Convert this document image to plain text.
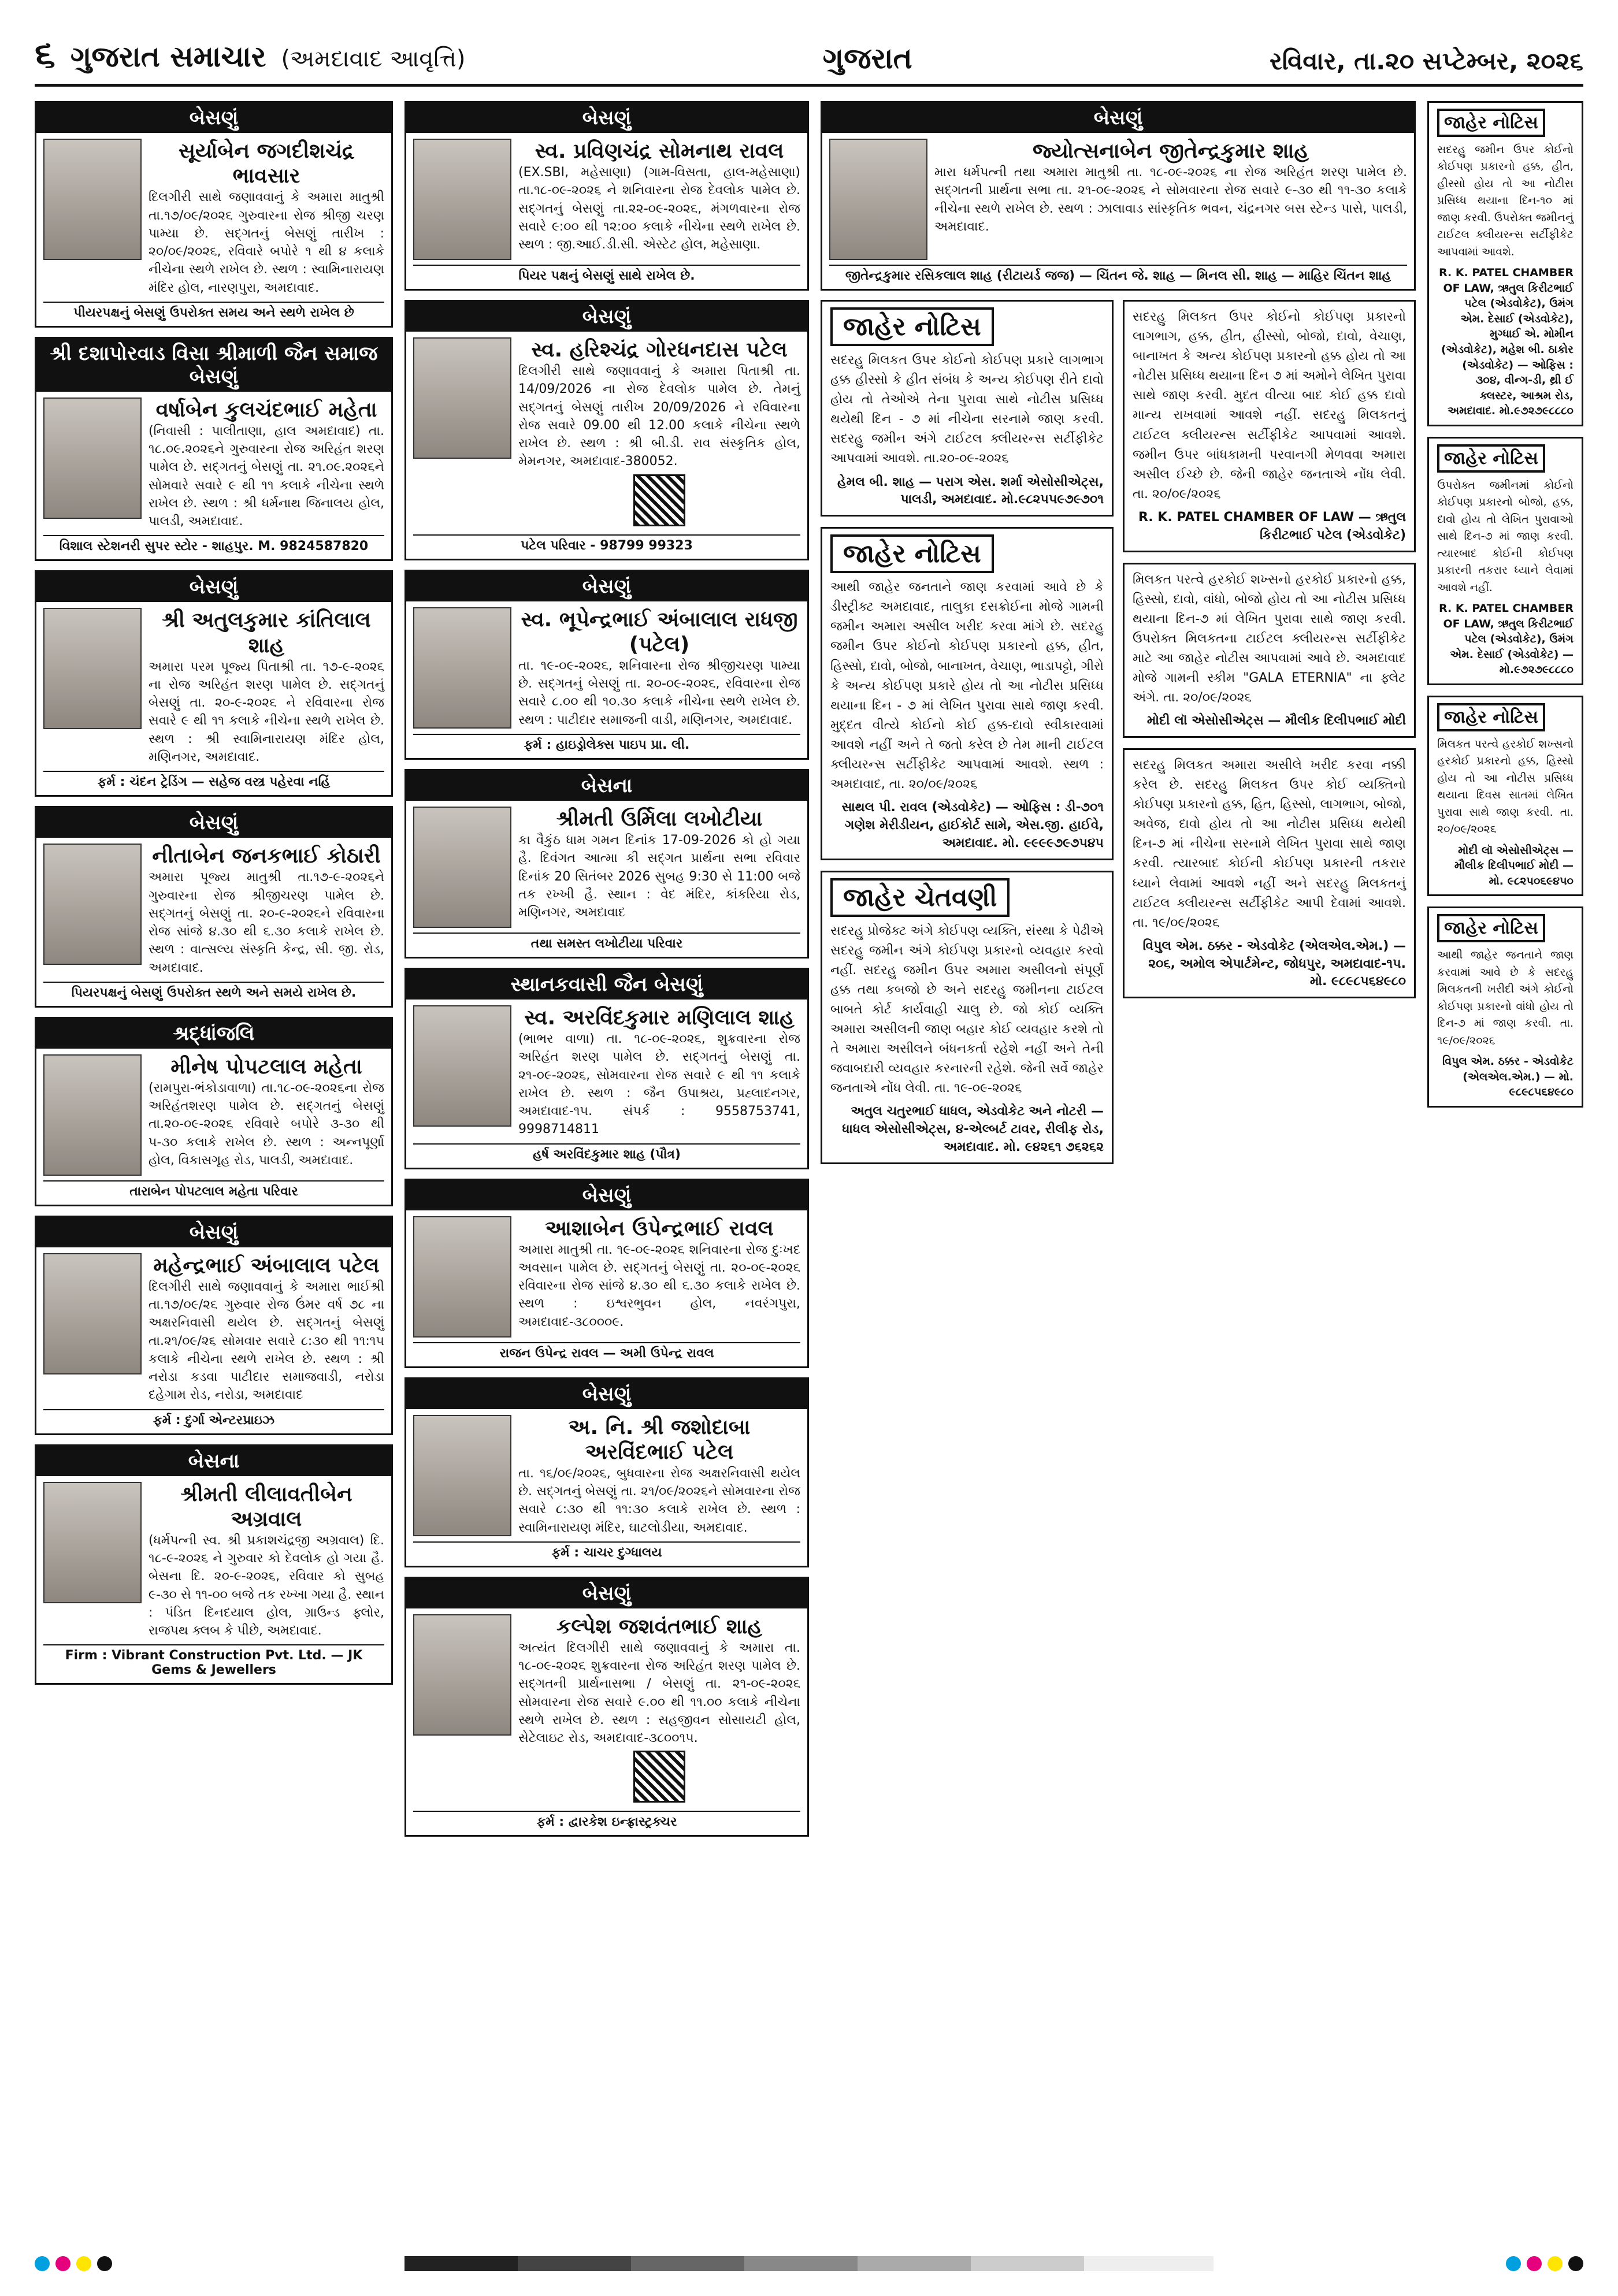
૬ ગુજરાત સમાચાર (અમદાવાદ આવૃત્તિ)	ગુજરાત	રવિવાર, તા.૨૦ સપ્ટેમ્બર, ૨૦૨૬
બેસણું
સૂર્યાબેન જગદીશચંદ્ર ભાવસાર
દિલગીરી સાથે જણાવવાનું કે અમારા માતુશ્રી તા.૧૭/૦૯/૨૦૨૬ ગુરુવારના રોજ શ્રીજી ચરણ પામ્યા છે. સદ્‌ગતનું બેસણું તારીખ : ૨૦/૦૯/૨૦૨૬, રવિવારે બપોરે ૧ થી ૪ કલાકે નીચેના સ્થળે રાખેલ છે. સ્થળ : સ્વામિનારાયણ મંદિર હોલ, નારણપુરા, અમદાવાદ.
પીયરપક્ષનું બેસણું ઉપરોક્ત સમય અને સ્થળે રાખેલ છે
શ્રી દશાપોરવાડ વિસા શ્રીમાળી જૈન સમાજ બેસણું
વર્ષાબેન કુલચંદભાઈ મહેતા
(નિવાસી : પાલીતાણા, હાલ અમદાવાદ) તા. ૧૮.૦૯.૨૦૨૬ને ગુરુવારના રોજ અરિહંત શરણ પામેલ છે. સદ્‌ગતનું બેસણું તા. ૨૧.૦૯.૨૦૨૬ને સોમવારે સવારે ૯ થી ૧૧ કલાકે નીચેના સ્થળે રાખેલ છે. સ્થળ : શ્રી ધર્મનાથ જિનાલય હોલ, પાલડી, અમદાવાદ.
વિશાલ સ્ટેશનરી સુપર સ્ટોર - શાહપુર. M. 9824587820
બેસણું
શ્રી અતુલકુમાર કાંતિલાલ શાહ
અમારા પરમ પૂજ્ય પિતાશ્રી તા. ૧૭-૯-૨૦૨૬ ના રોજ અરિહંત શરણ પામેલ છે. સદ્‌ગતનું બેસણું તા. ૨૦-૯-૨૦૨૬ ને રવિવારના રોજ સવારે ૯ થી ૧૧ કલાકે નીચેના સ્થળે રાખેલ છે. સ્થળ : શ્રી સ્વામિનારાયણ મંદિર હોલ, મણિનગર, અમદાવાદ.
ફર્મ : ચંદન ટ્રેડિંગ — સહેજ વસ્ત્ર પહેરવા નહિં
બેસણું
નીતાબેન જનકભાઈ કોઠારી
અમારા પૂજ્ય માતુશ્રી તા.૧૭-૯-૨૦૨૬ને ગુરુવારના રોજ શ્રીજીચરણ પામેલ છે. સદ્‌ગતનું બેસણું તા. ૨૦-૯-૨૦૨૬ને રવિવારના રોજ સાંજે ૪.૩૦ થી ૬.૩૦ કલાકે રાખેલ છે. સ્થળ : વાત્સલ્ય સંસ્કૃતિ કેન્દ્ર, સી. જી. રોડ, અમદાવાદ.
પિયરપક્ષનું બેસણું ઉપરોક્ત સ્થળે અને સમયે રાખેલ છે.
શ્રદ્ધાંજલિ
મીનેષ પોપટલાલ મહેતા
(રામપુરા-ભંકોડાવાળા) તા.૧૮-૦૯-૨૦૨૬ના રોજ અરિહંતશરણ પામેલ છે. સદ્‌ગતનું બેસણું તા.૨૦-૦૯-૨૦૨૬ રવિવારે બપોરે ૩-૩૦ થી ૫-૩૦ કલાકે રાખેલ છે. સ્થળ : અન્નપૂર્ણા હોલ, વિકાસગૃહ રોડ, પાલડી, અમદાવાદ.
તારાબેન પોપટલાલ મહેતા પરિવાર
બેસણું
મહેન્દ્રભાઈ અંબાલાલ પટેલ
દિલગીરી સાથે જણાવવાનું કે અમારા ભાઈશ્રી તા.૧૭/૦૯/૨૬ ગુરુવાર રોજ ઉંમર વર્ષ ૭૮ ના અક્ષરનિવાસી થયેલ છે. સદ્‌ગતનું બેસણું તા.૨૧/૦૯/૨૬ સોમવાર સવારે ૮:૩૦ થી ૧૧:૧૫ કલાકે નીચેના સ્થળે રાખેલ છે. સ્થળ : શ્રી નરોડા કડવા પાટીદાર સમાજવાડી, નરોડા દહેગામ રોડ, નરોડા, અમદાવાદ
ફર્મ : દુર્ગા એન્ટરપ્રાઇઝ
બેસના
શ્રીમતી લીલાવતીબેન અગ્રવાલ
(ધર્મપત્ની સ્વ. શ્રી પ્રકાશચંદ્રજી અગ્રવાલ) દિ. ૧૮-૯-૨૦૨૬ ને ગુરુવાર કો દેવલોક હો ગયા હૈ. બેસના દિ. ૨૦-૯-૨૦૨૬, રવિવાર કો સુબહ ૯-૩૦ સે ૧૧-૦૦ બજે તક રખ્ખા ગયા હૈ. સ્થાન : પંડિત દિનદયાલ હોલ, ગ્રાઉન્ડ ફ્લોર, રાજપથ ક્લબ કે પીછે, અમદાવાદ.
Firm : Vibrant Construction Pvt. Ltd. — JK Gems & Jewellers
બેસણું
સ્વ. પ્રવિણચંદ્ર સોમનાથ રાવલ
(EX.SBI, મહેસાણા) (ગામ-વિસતા, હાલ-મહેસાણા) તા.૧૮-૦૯-૨૦૨૬ ને શનિવારના રોજ દેવલોક પામેલ છે. સદ્‌ગતનું બેસણું તા.૨૨-૦૯-૨૦૨૬, મંગળવારના રોજ સવારે ૯:૦૦ થી ૧૨:૦૦ કલાકે નીચેના સ્થળે રાખેલ છે. સ્થળ : જી.આઈ.ડી.સી. એસ્ટેટ હોલ, મહેસાણા.
પિયર પક્ષનું બેસણું સાથે રાખેલ છે.
બેસણું
સ્વ. હરિશ્ચંદ્ર ગોરધનદાસ પટેલ
દિલગીરી સાથે જણાવવાનું કે અમારા પિતાશ્રી તા. 14/09/2026 ના રોજ દેવલોક પામેલ છે. તેમનું સદ્‌ગતનું બેસણું તારીખ 20/09/2026 ને રવિવારના રોજ સવારે 09.00 થી 12.00 કલાકે નીચેના સ્થળે રાખેલ છે. સ્થળ : શ્રી બી.ડી. રાવ સંસ્કૃતિક હોલ, મેમનગર, અમદાવાદ-380052.
પટેલ પરિવાર - 98799 99323
બેસણું
સ્વ. ભૂપેન્દ્રભાઈ અંબાલાલ રાધજી (પટેલ)
તા. ૧૯-૦૯-૨૦૨૬, શનિવારના રોજ શ્રીજીચરણ પામ્યા છે. સદ્‌ગતનું બેસણું તા. ૨૦-૦૯-૨૦૨૬, રવિવારના રોજ સવારે ૮.૦૦ થી ૧૦.૩૦ કલાકે નીચેના સ્થળે રાખેલ છે. સ્થળ : પાટીદાર સમાજની વાડી, મણિનગર, અમદાવાદ.
ફર્મ : હાઇડ્રોલેક્સ પાઇપ પ્રા. લી.
બેસના
શ્રીમતી ઉર્મિલા લખોટીયા
કા વૈકુંઠ ધામ ગમન દિનાંક 17-09-2026 કો હો ગયા હૈ. દિવંગત આત્મા કી સદ્ગત પ્રાર્થના સભા રવિવાર દિનાંક 20 સિતંબર 2026 સુબહ 9:30 સે 11:00 બજે તક રખ્ખી હૈ. સ્થાન : વેદ મંદિર, કાંકરિયા રોડ, મણિનગર, અમદાવાદ
તથા સમસ્ત લખોટીયા પરિવાર
સ્થાનકવાસી જૈન બેસણું
સ્વ. અરવિંદકુમાર મણિલાલ શાહ
(ભાભર વાળા) તા. ૧૮-૦૯-૨૦૨૬, શુક્રવારના રોજ અરિહંત શરણ પામેલ છે. સદ્‌ગતનું બેસણું તા. ૨૧-૦૯-૨૦૨૬, સોમવારના રોજ સવારે ૯ થી ૧૧ કલાકે રાખેલ છે. સ્થળ : જૈન ઉપાશ્રય, પ્રહ્લાદનગર, અમદાવાદ-૧૫. સંપર્ક : 9558753741, 9998714811
હર્ષ અરવિંદકુમાર શાહ (પૌત્ર)
બેસણું
આશાબેન ઉપેન્દ્રભાઈ રાવલ
અમારા માતુશ્રી તા. ૧૯-૦૯-૨૦૨૬ શનિવારના રોજ દુઃખદ અવસાન પામેલ છે. સદ્‌ગતનું બેસણું તા. ૨૦-૦૯-૨૦૨૬ રવિવારના રોજ સાંજે ૪.૩૦ થી ૬.૩૦ કલાકે રાખેલ છે. સ્થળ : ઇશ્વરભુવન હોલ, નવરંગપુરા, અમદાવાદ-૩૮૦૦૦૯.
રાજન ઉપેન્દ્ર રાવલ — અમી ઉપેન્દ્ર રાવલ
બેસણું
અ. નિ. શ્રી જશોદાબા અરવિંદભાઈ પટેલ
તા. ૧૬/૦૯/૨૦૨૬, બુધવારના રોજ અક્ષરનિવાસી થયેલ છે. સદ્‌ગતનું બેસણું તા. ૨૧/૦૯/૨૦૨૬ને સોમવારના રોજ સવારે ૮:૩૦ થી ૧૧:૩૦ કલાકે રાખેલ છે. સ્થળ : સ્વામિનારાયણ મંદિર, ઘાટલોડીયા, અમદાવાદ.
ફર્મ : ચાચર દુગ્ધાલય
બેસણું
કલ્પેશ જશવંતભાઈ શાહ
અત્યંત દિલગીરી સાથે જણાવવાનું કે અમારા તા. ૧૮-૦૯-૨૦૨૬ શુક્રવારના રોજ અરિહંત શરણ પામેલ છે. સદ્‌ગતની પ્રાર્થનાસભા / બેસણું તા. ૨૧-૦૯-૨૦૨૬ સોમવારના રોજ સવારે ૯.૦૦ થી ૧૧.૦૦ કલાકે નીચેના સ્થળે રાખેલ છે. સ્થળ : સહજીવન સોસાયટી હોલ, સેટેલાઇટ રોડ, અમદાવાદ-૩૮૦૦૧૫.
ફર્મ : દ્વારકેશ ઇન્ફ્રાસ્ટ્રક્ચર
બેસણું
જ્યોત્સનાબેન જીતેન્દ્રકુમાર શાહ
મારા ધર્મપત્ની તથા અમારા માતુશ્રી તા. ૧૮-૦૯-૨૦૨૬ ના રોજ અરિહંત શરણ પામેલ છે. સદ્‌ગતની પ્રાર્થના સભા તા. ૨૧-૦૯-૨૦૨૬ ને સોમવારના રોજ સવારે ૯-૩૦ થી ૧૧-૩૦ કલાકે નીચેના સ્થળે રાખેલ છે. સ્થળ : ઝાલાવાડ સાંસ્કૃતિક ભવન, ચંદ્રનગર બસ સ્ટેન્ડ પાસે, પાલડી, અમદાવાદ.
જીતેન્દ્રકુમાર રસિકલાલ શાહ (રીટાયર્ડ જજ) — ચિંતન જે. શાહ — મિનલ સી. શાહ — માહિર ચિંતન શાહ
જાહેર નોટિસ
સદરહુ મિલકત ઉપર કોઈનો કોઈપણ પ્રકારે લાગભાગ હક્ક હીસ્સો કે હીત સંબંધ કે અન્ય કોઈપણ રીતે દાવો હોય તો તેઓએ તેના પુરાવા સાથે નોટીસ પ્રસિધ્ધ થયેથી દિન - ૭ માં નીચેના સરનામે જાણ કરવી. સદરહુ જમીન અંગે ટાઈટલ ક્લીયરન્સ સર્ટીફીકેટ આપવામાં આવશે. તા.૨૦-૦૯-૨૦૨૬
હેમલ બી. શાહ — પરાગ એસ. શર્મા એસોસીએટ્સ, પાલડી, અમદાવાદ. મો.૯૮૨૫૫૯૭૯૭૦૧
જાહેર નોટિસ
આથી જાહેર જનતાને જાણ કરવામાં આવે છે કે ડીસ્ટ્રીક્ટ અમદાવાદ, તાલુકા દસક્રોઈના મોજે ગામની જમીન અમારા અસીલ ખરીદ કરવા માંગે છે. સદરહુ જમીન ઉપર કોઈનો કોઈપણ પ્રકારનો હક્ક, હીત, હિસ્સો, દાવો, બોજો, બાનાખત, વેચાણ, ભાડાપટ્ટો, ગીરો કે અન્ય કોઈપણ પ્રકારે હોય તો આ નોટીસ પ્રસિધ્ધ થયાના દિન - ૭ માં લેખિત પુરાવા સાથે જાણ કરવી. મુદ્દત વીત્યે કોઈનો કોઈ હક્ક-દાવો સ્વીકારવામાં આવશે નહીં અને તે જતો કરેલ છે તેમ માની ટાઈટલ ક્લીયરન્સ સર્ટીફીકેટ આપવામાં આવશે. સ્થળ : અમદાવાદ, તા. ૨૦/૦૯/૨૦૨૬
સાથલ પી. રાવલ (એડવોકેટ) — ઓફિસ : ડી-૭૦૧ ગણેશ મેરીડીયન, હાઈકોર્ટ સામે, એસ.જી. હાઈવે, અમદાવાદ. મો. ૯૯૯૯૭૯૭૫૪૫
જાહેર ચેતવણી
સદરહુ પ્રોજેક્ટ અંગે કોઈપણ વ્યક્તિ, સંસ્થા કે પેઢીએ સદરહુ જમીન અંગે કોઈપણ પ્રકારનો વ્યવહાર કરવો નહીં. સદરહુ જમીન ઉપર અમારા અસીલનો સંપૂર્ણ હક્ક તથા કબજો છે અને સદરહુ જમીનના ટાઈટલ બાબતે કોર્ટ કાર્યવાહી ચાલુ છે. જો કોઈ વ્યક્તિ અમારા અસીલની જાણ બહાર કોઈ વ્યવહાર કરશે તો તે અમારા અસીલને બંધનકર્તા રહેશે નહીં અને તેની જવાબદારી વ્યવહાર કરનારની રહેશે. જેની સર્વે જાહેર જનતાએ નોંધ લેવી. તા. ૧૯-૦૯-૨૦૨૬
અતુલ ચતુરભાઈ ધાધલ, એડવોકેટ અને નોટરી — ધાધલ એસોસીએટ્સ, ૪-એલ્બર્ટ ટાવર, રીલીફ રોડ, અમદાવાદ. મો. ૯૪૨૬૧ ૭૬૨૬૨
સદરહુ મિલકત ઉપર કોઈનો કોઈપણ પ્રકારનો લાગભાગ, હક્ક, હીત, હીસ્સો, બોજો, દાવો, વેચાણ, બાનાખત કે અન્ય કોઈપણ પ્રકારનો હક્ક હોય તો આ નોટીસ પ્રસિધ્ધ થયાના દિન ૭ માં અમોને લેખિત પુરાવા સાથે જાણ કરવી. મુદત વીત્યા બાદ કોઈ હક્ક દાવો માન્ય રાખવામાં આવશે નહીં. સદરહુ મિલકતનું ટાઈટલ ક્લીયરન્સ સર્ટીફીકેટ આપવામાં આવશે. જમીન ઉપર બાંધકામની પરવાનગી મેળવવા અમારા અસીલ ઈચ્છે છે. જેની જાહેર જનતાએ નોંધ લેવી. તા. ૨૦/૦૯/૨૦૨૬
R. K. PATEL CHAMBER OF LAW — ઋતુલ કિરીટભાઈ પટેલ (એડવોકેટ)
મિલકત પરત્વે હરકોઈ શખ્સનો હરકોઈ પ્રકારનો હક્ક, હિસ્સો, દાવો, વાંધો, બોજો હોય તો આ નોટીસ પ્રસિધ્ધ થયાના દિન-૭ માં લેખિત પુરાવા સાથે જાણ કરવી. ઉપરોક્ત મિલકતના ટાઈટલ ક્લીયરન્સ સર્ટીફીકેટ માટે આ જાહેર નોટીસ આપવામાં આવે છે. અમદાવાદ મોજે ગામની સ્કીમ "GALA ETERNIA" ના ફ્લેટ અંગે. તા. ૨૦/૦૯/૨૦૨૬
મોદી લૉ એસોસીએટ્સ — મૌલીક દિલીપભાઈ મોદી
સદરહુ મિલકત અમારા અસીલે ખરીદ કરવા નક્કી કરેલ છે. સદરહુ મિલકત ઉપર કોઈ વ્યક્તિનો કોઈપણ પ્રકારનો હક્ક, હિત, હિસ્સો, લાગભાગ, બોજો, અવેજ, દાવો હોય તો આ નોટીસ પ્રસિધ્ધ થયેથી દિન-૭ માં નીચેના સરનામે લેખિત પુરાવા સાથે જાણ કરવી. ત્યારબાદ કોઈની કોઈપણ પ્રકારની તકરાર ધ્યાને લેવામાં આવશે નહીં અને સદરહુ મિલકતનું ટાઈટલ ક્લીયરન્સ સર્ટીફીકેટ આપી દેવામાં આવશે. તા. ૧૯/૦૯/૨૦૨૬
વિપુલ એમ. ઠક્કર - એડવોકેટ (એલએલ.એમ.) — ૨૦૬, અમોલ એપાર્ટમેન્ટ, જોધપુર, અમદાવાદ-૧૫. મો. ૯૮૯૮૫૬૪૯૮૦
જાહેર નોટિસ
સદરહુ જમીન ઉપર કોઈનો કોઈપણ પ્રકારનો હક્ક, હીત, હીસ્સો હોય તો આ નોટીસ પ્રસિધ્ધ થયાના દિન-૧૦ માં જાણ કરવી. ઉપરોક્ત જમીનનું ટાઈટલ ક્લીયરન્સ સર્ટીફીકેટ આપવામાં આવશે.
R. K. PATEL CHAMBER OF LAW, ઋતુલ કિરીટભાઈ પટેલ (એડવોકેટ), ઉમંગ એમ. દેસાઈ (એડવોકેટ), મુગ્ધાઈ એ. મોમીન (એડવોકેટ), મહેશ બી. ઠાકોર (એડવોકેટ) — ઓફિસ : ૩૦૪, વીન્ગ-ડી, થ્રી ઈ ક્લસ્ટર, આશ્રમ રોડ, અમદાવાદ. મો.૯૭૨૭૯૮૮૮૦
જાહેર નોટિસ
ઉપરોક્ત જમીનમાં કોઈનો કોઈપણ પ્રકારનો બોજો, હક્ક, દાવો હોય તો લેખિત પુરાવાઓ સાથે દિન-૭ માં જાણ કરવી. ત્યારબાદ કોઈની કોઈપણ પ્રકારની તકરાર ધ્યાને લેવામાં આવશે નહીં.
R. K. PATEL CHAMBER OF LAW, ઋતુલ કિરીટભાઈ પટેલ (એડવોકેટ), ઉમંગ એમ. દેસાઈ (એડવોકેટ) — મો.૯૭૨૭૯૮૮૮૦
જાહેર નોટિસ
મિલકત પરત્વે હરકોઈ શખ્સનો હરકોઈ પ્રકારનો હક્ક, હિસ્સો હોય તો આ નોટીસ પ્રસિધ્ધ થયાના દિવસ સાતમાં લેખિત પુરાવા સાથે જાણ કરવી. તા. ૨૦/૦૯/૨૦૨૬
મોદી લૉ એસોસીએટ્સ — મૌલીક દિલીપભાઈ મોદી — મો. ૯૮૨૫૦૬૯૪૫૦
જાહેર નોટિસ
આથી જાહેર જનતાને જાણ કરવામાં આવે છે કે સદરહુ મિલકતની ખરીદી અંગે કોઈનો કોઈપણ પ્રકારનો વાંધો હોય તો દિન-૭ માં જાણ કરવી. તા. ૧૯/૦૯/૨૦૨૬
વિપુલ એમ. ઠક્કર - એડવોકેટ (એલએલ.એમ.) — મો. ૯૮૯૮૫૬૪૯૮૦
